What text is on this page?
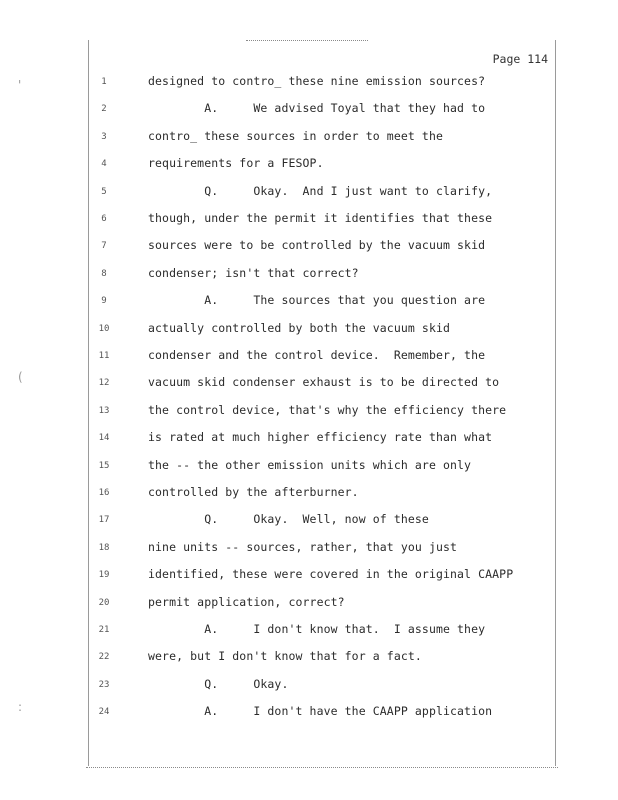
'
(
:
Page 114
1	designed to contro_ these nine emission sources?
2	A.     We advised Toyal that they had to
3	contro_ these sources in order to meet the
4	requirements for a FESOP.
5	Q.     Okay.  And I just want to clarify,
6	though, under the permit it identifies that these
7	sources were to be controlled by the vacuum skid
8	condenser; isn't that correct?
9	A.     The sources that you question are
10	actually controlled by both the vacuum skid
11	condenser and the control device.  Remember, the
12	vacuum skid condenser exhaust is to be directed to
13	the control device, that's why the efficiency there
14	is rated at much higher efficiency rate than what
15	the -- the other emission units which are only
16	controlled by the afterburner.
17	Q.     Okay.  Well, now of these
18	nine units -- sources, rather, that you just
19	identified, these were covered in the original CAAPP
20	permit application, correct?
21	A.     I don't know that.  I assume they
22	were, but I don't know that for a fact.
23	Q.     Okay.
24	A.     I don't have the CAAPP application
